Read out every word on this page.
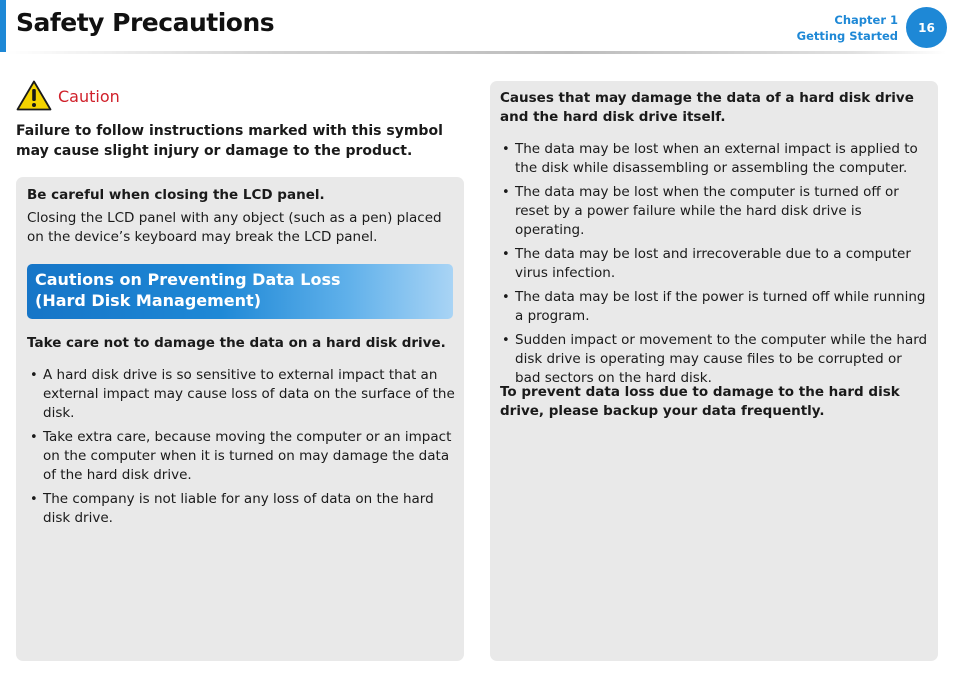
Safety Precautions	Chapter 1
Getting Started
16
Caution

Failure to follow instructions marked with this symbol may cause slight injury or damage to the product.

Be careful when closing the LCD panel.

Closing the LCD panel with any object (such as a pen) placed on the device’s keyboard may break the LCD panel.

Cautions on Preventing Data Loss
(Hard Disk Management)

Take care not to damage the data on a hard disk drive.

• A hard disk drive is so sensitive to external impact that an external impact may cause loss of data on the surface of the disk.
• Take extra care, because moving the computer or an impact on the computer when it is turned on may damage the data of the hard disk drive.
• The company is not liable for any loss of data on the hard disk drive.

Causes that may damage the data of a hard disk drive and the hard disk drive itself.

• The data may be lost when an external impact is applied to the disk while disassembling or assembling the computer.
• The data may be lost when the computer is turned off or reset by a power failure while the hard disk drive is operating.
• The data may be lost and irrecoverable due to a computer virus infection.
• The data may be lost if the power is turned off while running a program.
• Sudden impact or movement to the computer while the hard disk drive is operating may cause files to be corrupted or bad sectors on the hard disk.

To prevent data loss due to damage to the hard disk drive, please backup your data frequently.
